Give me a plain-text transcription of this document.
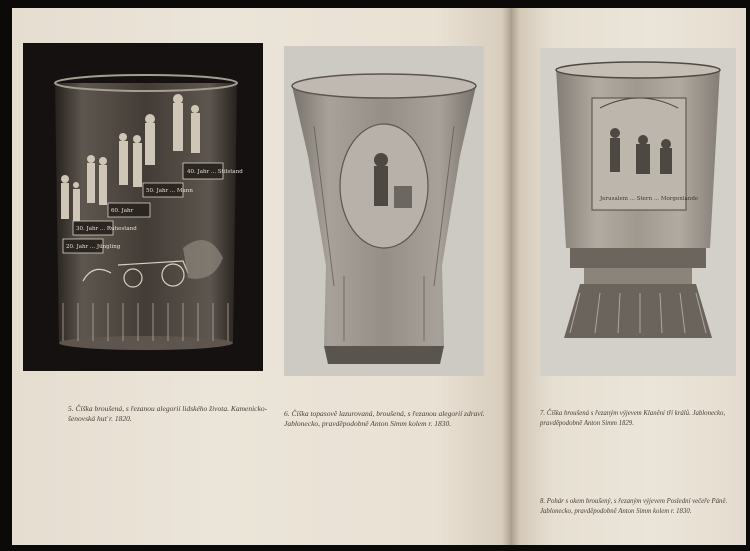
40. Jahr ... Stilstand
50. Jahr ... Mann
60. Jahr
30. Jahr ... Ruhestand
20. Jahr ... Jüngling
5. Číška broušená, s řezanou alegorií lidského života. Kamenicko-
šenovská huť r. 1820.
6. Číška topasově lazurovaná, broušená, s řezanou alegorií zdraví.
Jablonecko, pravděpodobně Anton Simm kolem r. 1830.
Jerusalem ... Stern ... Morgenlande
7. Číška broušená s řezaným výjevem Klanění tří králů. Jablonecko,
pravděpodobně Anton Simm 1829.
8. Pohár s okem broušený, s řezaným výjevem Poslední večeře Páně.
Jablonecko, pravděpodobně Anton Simm kolem r. 1830.
